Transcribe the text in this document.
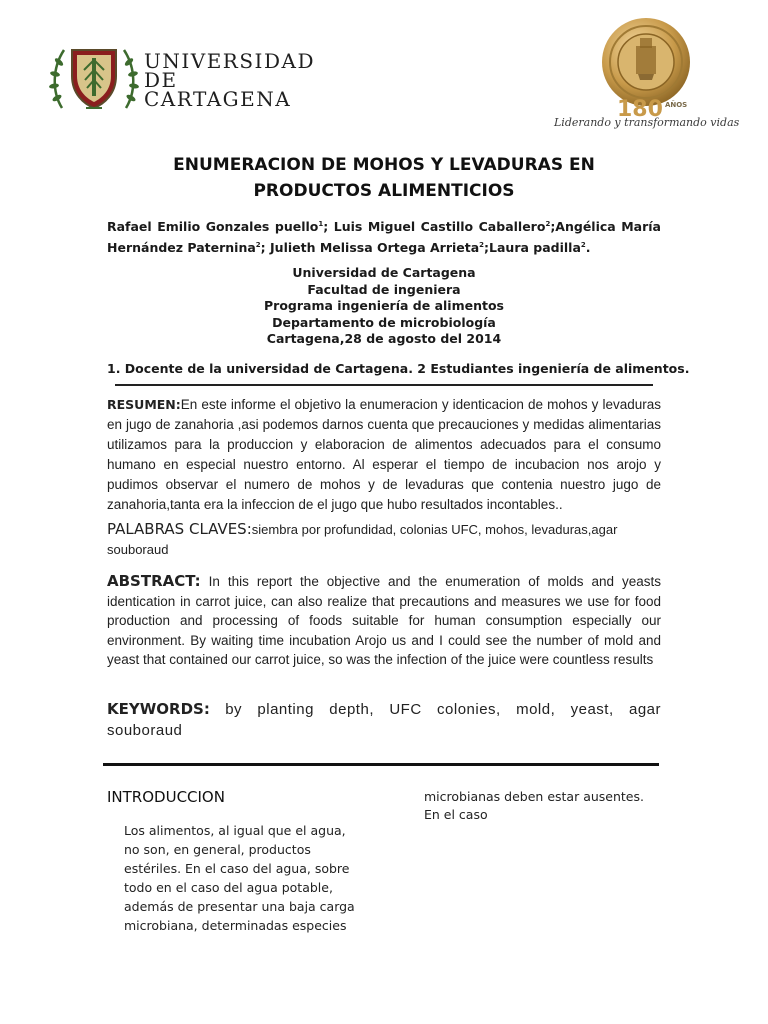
UNIVERSIDAD
DE
CARTAGENA	180 $^{AÑOS}$
Liderando y transformando vidas
ENUMERACION DE MOHOS Y LEVADURAS EN
PRODUCTOS ALIMENTICIOS
Rafael Emilio Gonzales puello$^1$; Luis Miguel Castillo Caballero$^2$;Angélica María Hernández Paternina$^2$; Julieth Melissa Ortega Arrieta$^2$;Laura padilla$^2$.
Universidad de Cartagena
Facultad de ingeniera
Programa ingeniería de alimentos
Departamento de microbiología
Cartagena,28 de agosto del 2014
1. Docente de la universidad de Cartagena. 2 Estudiantes ingeniería de alimentos.
RESUMEN:En este informe el objetivo la enumeracion y identicacion de mohos y levaduras en jugo de zanahoria ,asi podemos darnos cuenta que precauciones y medidas alimentarias utilizamos para la produccion y elaboracion de alimentos adecuados para el consumo humano en especial nuestro entorno. Al esperar el tiempo de incubacion nos arojo y pudimos observar el numero de mohos y de levaduras que contenia nuestro jugo de zanahoria,tanta era la infeccion de el jugo que hubo resultados incontables..
PALABRAS CLAVES:siembra por profundidad, colonias UFC, mohos, levaduras,agar souboraud
ABSTRACT: In this report the objective and the enumeration of molds and yeasts identication in carrot juice, can also realize that precautions and measures we use for food production and processing of foods suitable for human consumption especially our environment. By waiting time incubation Arojo us and I could see the number of mold and yeast that contained our carrot juice, so was the infection of the juice were countless results
KEYWORDS: by planting depth, UFC colonies, mold, yeast, agar souboraud
INTRODUCCION
Los alimentos, al igual que el agua,
no son, en general, productos
estériles. En el caso del agua, sobre
todo en el caso del agua potable,
además de presentar una baja carga
microbiana, determinadas especies
microbianas deben estar ausentes.
En el caso
